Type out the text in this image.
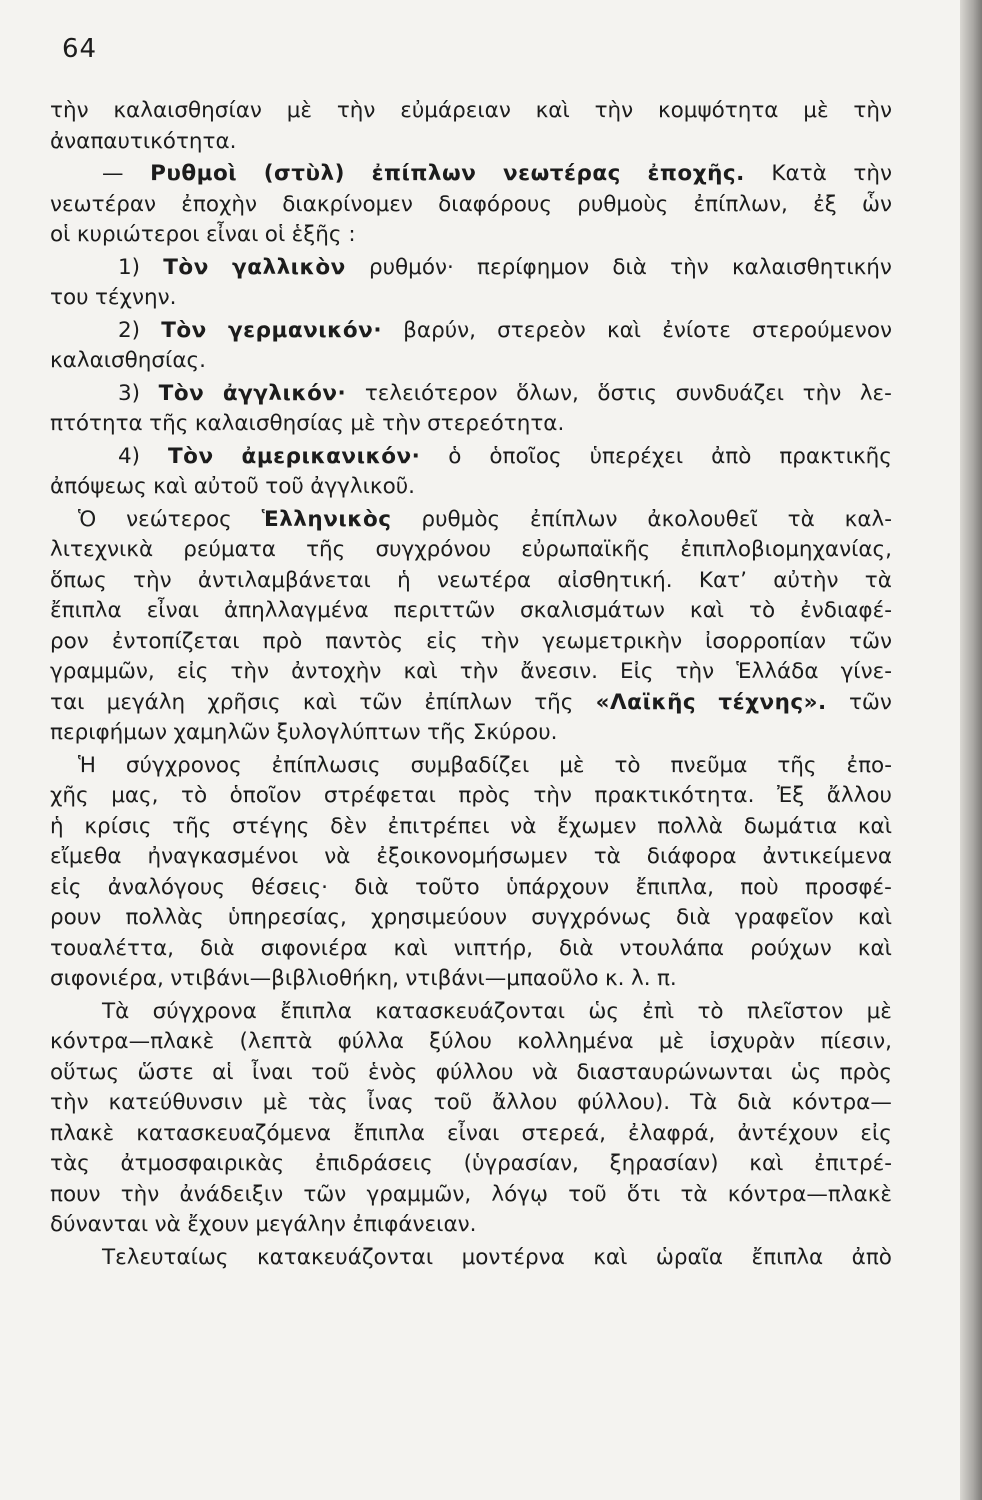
64
τὴν καλαισθησίαν μὲ τὴν εὐμάρειαν καὶ τὴν κομψότητα μὲ τὴν
ἀναπαυτικότητα.
— Ρυθμοὶ (στὺλ) ἐπίπλων νεωτέρας ἐποχῆς. Κατὰ τὴν
νεωτέραν ἐποχὴν διακρίνομεν διαφόρους ρυθμοὺς ἐπίπλων, ἐξ ὧν
οἱ κυριώτεροι εἶναι οἱ ἑξῆς :
1) Τὸν γαλλικὸν ρυθμόν· περίφημον διὰ τὴν καλαισθητικήν
του τέχνην.
2) Τὸν γερμανικόν· βαρύν, στερεὸν καὶ ἐνίοτε στερούμενον
καλαισθησίας.
3) Τὸν ἀγγλικόν· τελειότερον ὅλων, ὅστις συνδυάζει τὴν λε-
πτότητα τῆς καλαισθησίας μὲ τὴν στερεότητα.
4) Τὸν ἀμερικανικόν· ὁ ὁποῖος ὑπερέχει ἀπὸ πρακτικῆς
ἀπόψεως καὶ αὐτοῦ τοῦ ἀγγλικοῦ.
Ὁ νεώτερος Ἑλληνικὸς ρυθμὸς ἐπίπλων ἀκολουθεῖ τὰ καλ-
λιτεχνικὰ ρεύματα τῆς συγχρόνου εὐρωπαϊκῆς ἐπιπλοβιομηχανίας,
ὅπως τὴν ἀντιλαμβάνεται ἡ νεωτέρα αἰσθητική. Κατ’ αὐτὴν τὰ
ἔπιπλα εἶναι ἀπηλλαγμένα περιττῶν σκαλισμάτων καὶ τὸ ἐνδιαφέ-
ρον ἐντοπίζεται πρὸ παντὸς εἰς τὴν γεωμετρικὴν ἰσορροπίαν τῶν
γραμμῶν, εἰς τὴν ἀντοχὴν καὶ τὴν ἄνεσιν. Εἰς τὴν Ἑλλάδα γίνε-
ται μεγάλη χρῆσις καὶ τῶν ἐπίπλων τῆς «Λαϊκῆς τέχνης». τῶν
περιφήμων χαμηλῶν ξυλογλύπτων τῆς Σκύρου.
Ἡ σύγχρονος ἐπίπλωσις συμβαδίζει μὲ τὸ πνεῦμα τῆς ἐπο-
χῆς μας, τὸ ὁποῖον στρέφεται πρὸς τὴν πρακτικότητα. Ἐξ ἄλλου
ἡ κρίσις τῆς στέγης δὲν ἐπιτρέπει νὰ ἔχωμεν πολλὰ δωμάτια καὶ
εἴμεθα ἠναγκασμένοι νὰ ἐξοικονομήσωμεν τὰ διάφορα ἀντικείμενα
εἰς ἀναλόγους θέσεις· διὰ τοῦτο ὑπάρχουν ἔπιπλα, ποὺ προσφέ-
ρουν πολλὰς ὑπηρεσίας, χρησιμεύουν συγχρόνως διὰ γραφεῖον καὶ
τουαλέττα, διὰ σιφονιέρα καὶ νιπτήρ, διὰ ντουλάπα ρούχων καὶ
σιφονιέρα, ντιβάνι—βιβλιοθήκη, ντιβάνι—μπαοῦλο κ. λ. π.
Τὰ σύγχρονα ἔπιπλα κατασκευάζονται ὡς ἐπὶ τὸ πλεῖστον μὲ
κόντρα—πλακὲ (λεπτὰ φύλλα ξύλου κολλημένα μὲ ἰσχυρὰν πίεσιν,
οὕτως ὥστε αἱ ἶναι τοῦ ἑνὸς φύλλου νὰ διασταυρώνωνται ὡς πρὸς
τὴν κατεύθυνσιν μὲ τὰς ἶνας τοῦ ἄλλου φύλλου). Τὰ διὰ κόντρα—
πλακὲ κατασκευαζόμενα ἔπιπλα εἶναι στερεά, ἐλαφρά, ἀντέχουν εἰς
τὰς ἀτμοσφαιρικὰς ἐπιδράσεις (ὑγρασίαν, ξηρασίαν) καὶ ἐπιτρέ-
πουν τὴν ἀνάδειξιν τῶν γραμμῶν, λόγῳ τοῦ ὅτι τὰ κόντρα—πλακὲ
δύνανται νὰ ἔχουν μεγάλην ἐπιφάνειαν.
Τελευταίως κατακευάζονται μοντέρνα καὶ ὡραῖα ἔπιπλα ἀπὸ
